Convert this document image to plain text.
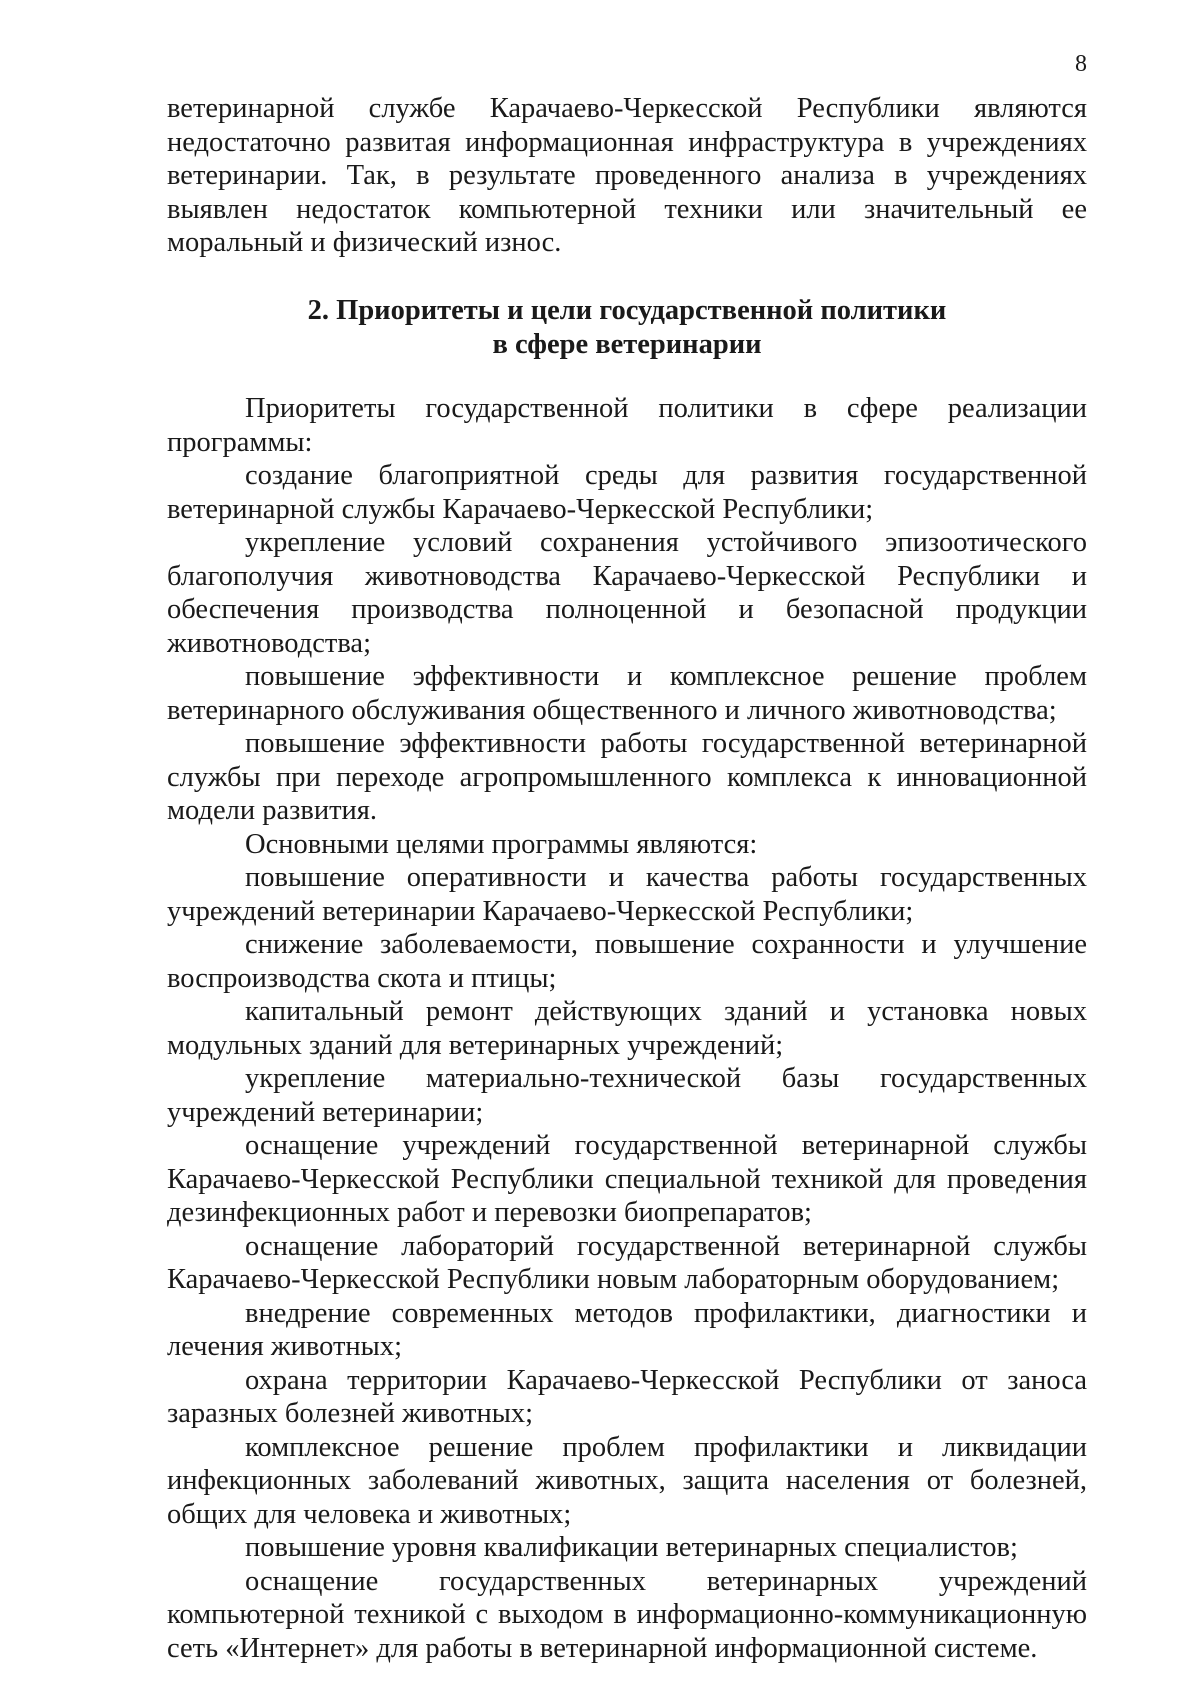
8

ветеринарной службе Карачаево-Черкесской Республики являются недостаточно развитая информационная инфраструктура в учреждениях ветеринарии. Так, в результате проведенного анализа в учреждениях выявлен недостаток компьютерной техники или значительный ее моральный и физический износ.

2. Приоритеты и цели государственной политики
в сфере ветеринарии

Приоритеты государственной политики в сфере реализации программы:

создание благоприятной среды для развития государственной ветеринарной службы Карачаево-Черкесской Республики;

укрепление условий сохранения устойчивого эпизоотического благополучия животноводства Карачаево-Черкесской Республики и обеспечения производства полноценной и безопасной продукции животноводства;

повышение эффективности и комплексное решение проблем ветеринарного обслуживания общественного и личного животноводства;

повышение эффективности работы государственной ветеринарной службы при переходе агропромышленного комплекса к инновационной модели развития.

Основными целями программы являются:

повышение оперативности и качества работы государственных учреждений ветеринарии Карачаево-Черкесской Республики;

снижение заболеваемости, повышение сохранности и улучшение воспроизводства скота и птицы;

капитальный ремонт действующих зданий и установка новых модульных зданий для ветеринарных учреждений;

укрепление материально-технической базы государственных учреждений ветеринарии;

оснащение учреждений государственной ветеринарной службы Карачаево-Черкесской Республики специальной техникой для проведения дезинфекционных работ и перевозки биопрепаратов;

оснащение лабораторий государственной ветеринарной службы Карачаево-Черкесской Республики новым лабораторным оборудованием;

внедрение современных методов профилактики, диагностики и лечения животных;

охрана территории Карачаево-Черкесской Республики от заноса заразных болезней животных;

комплексное решение проблем профилактики и ликвидации инфекционных заболеваний животных, защита населения от болезней, общих для человека и животных;

повышение уровня квалификации ветеринарных специалистов;

оснащение государственных ветеринарных учреждений компьютерной техникой с выходом в информационно-коммуникационную сеть «Интернет» для работы в ветеринарной информационной системе.
